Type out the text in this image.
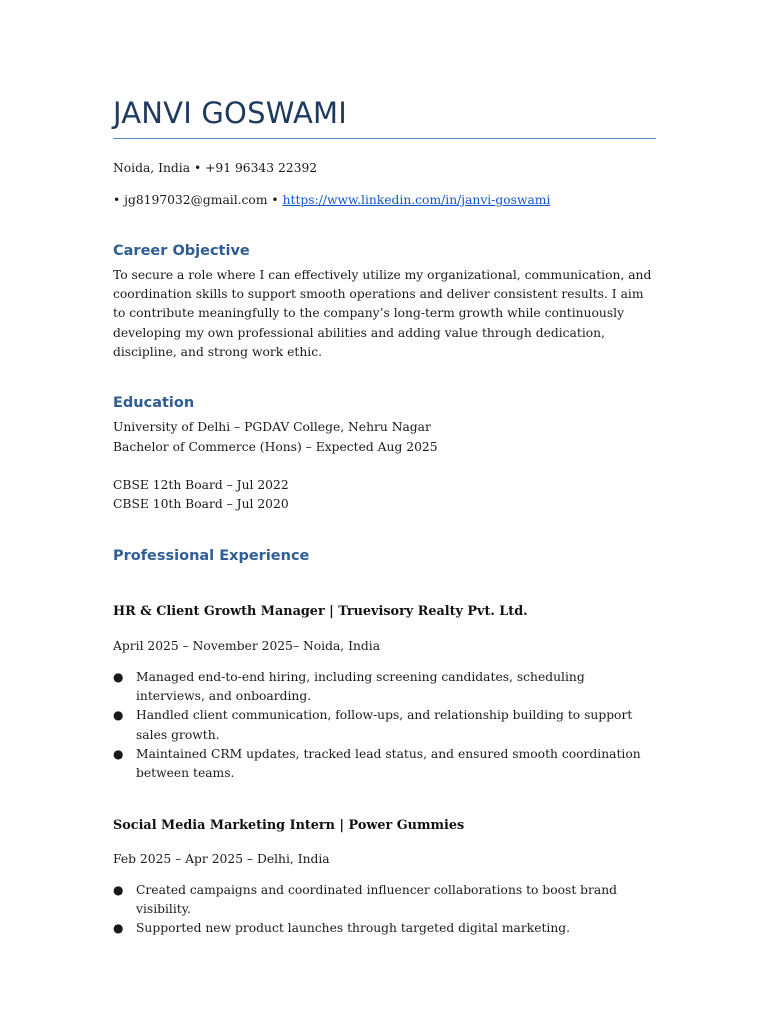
JANVI GOSWAMI
Noida, India • +91 96343 22392
• jg8197032@gmail.com • https://www.linkedin.com/in/janvi-goswami
Career Objective

To secure a role where I can effectively utilize my organizational, communication, and coordination skills to support smooth operations and deliver consistent results. I aim to contribute meaningfully to the company’s long-term growth while continuously developing my own professional abilities and adding value through dedication, discipline, and strong work ethic.

Education
University of Delhi – PGDAV College, Nehru Nagar
Bachelor of Commerce (Hons) – Expected Aug 2025
CBSE 12th Board – Jul 2022
CBSE 10th Board – Jul 2020
Professional Experience
HR & Client Growth Manager | Truevisory Realty Pvt. Ltd.
April 2025 – November 2025– Noida, India
● Managed end-to-end hiring, including screening candidates, scheduling interviews, and onboarding.
● Handled client communication, follow-ups, and relationship building to support sales growth.
● Maintained CRM updates, tracked lead status, and ensured smooth coordination between teams.
Social Media Marketing Intern | Power Gummies
Feb 2025 – Apr 2025 – Delhi, India
● Created campaigns and coordinated influencer collaborations to boost brand visibility.
● Supported new product launches through targeted digital marketing.
